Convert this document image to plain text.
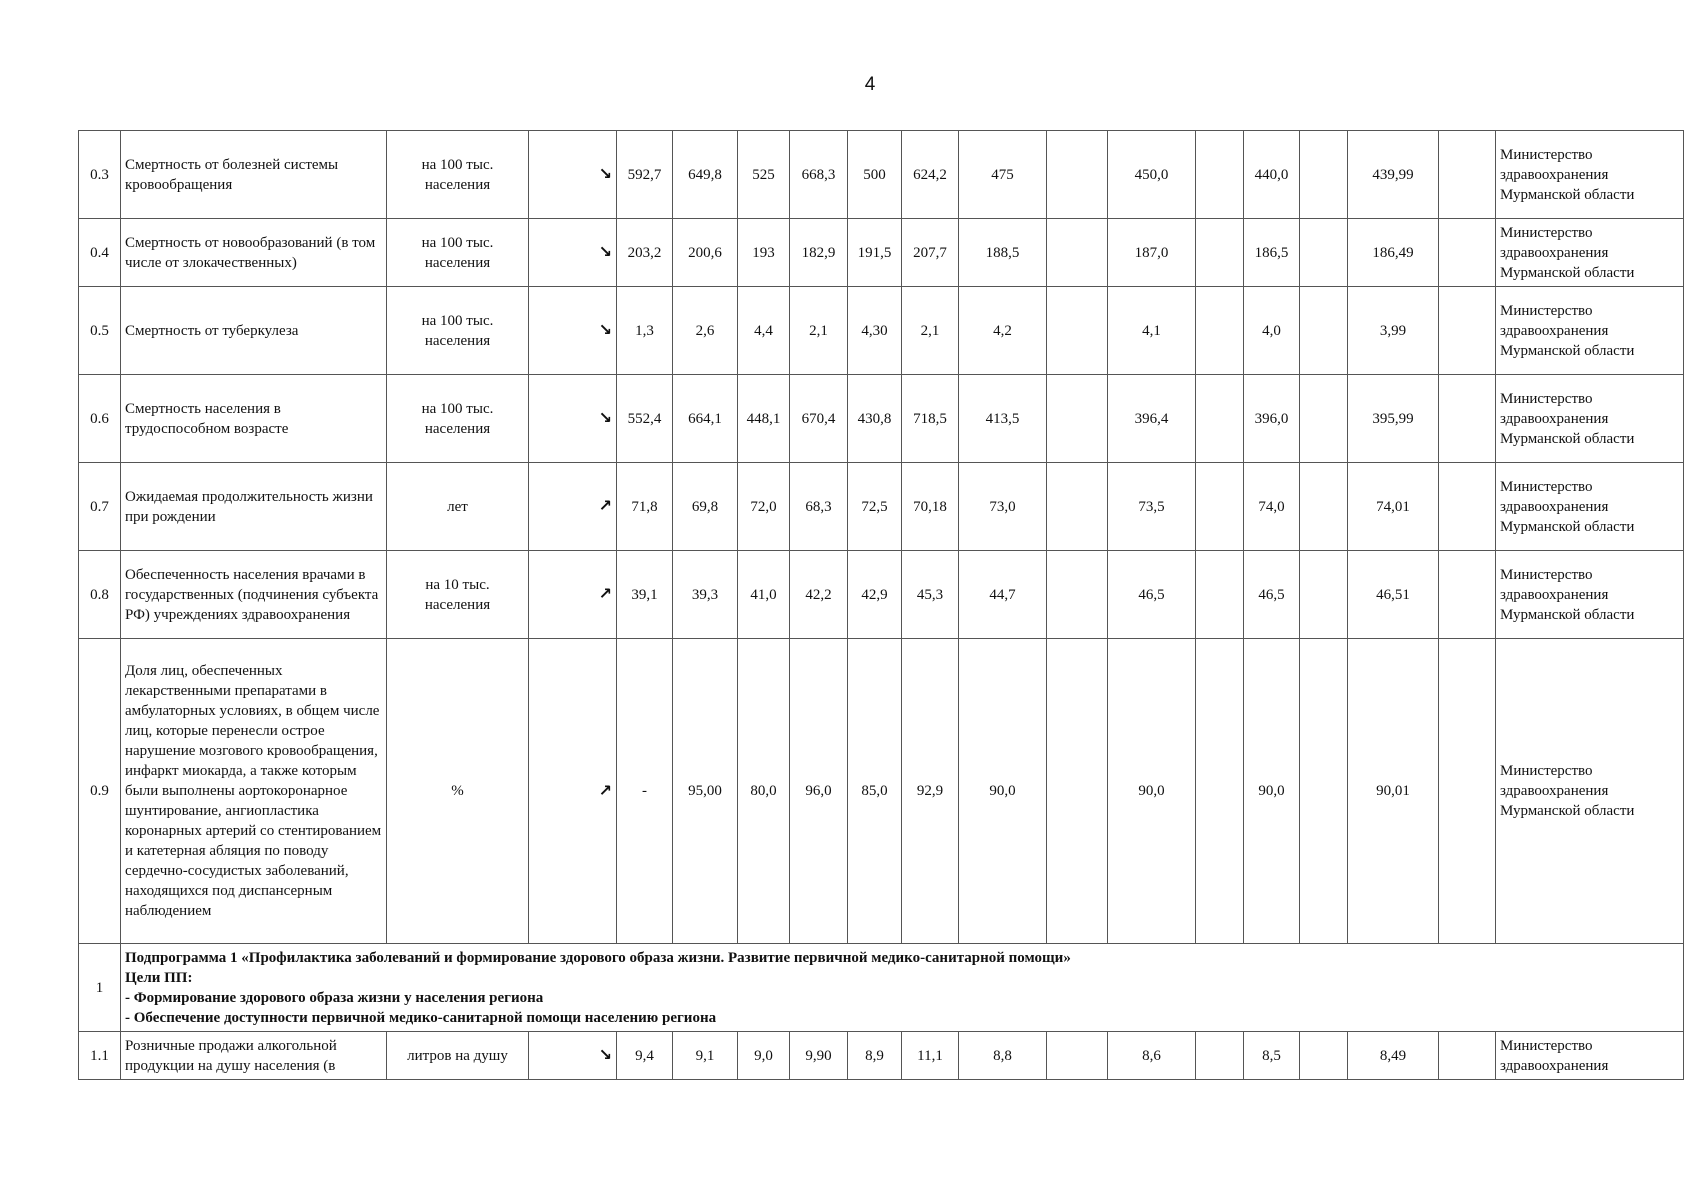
4
0.3	Смертность от болезней системы кровообращения	на 100 тыс. населения	↘	592,7	649,8	525	668,3	500	624,2	475		450,0		440,0		439,99		Министерство здравоохранения Мурманской области
0.4	Смертность от новообразований (в том числе от злокачественных)	на 100 тыс. населения	↘	203,2	200,6	193	182,9	191,5	207,7	188,5		187,0		186,5		186,49		Министерство здравоохранения Мурманской области
0.5	Смертность от туберкулеза	на 100 тыс. населения	↘	1,3	2,6	4,4	2,1	4,30	2,1	4,2		4,1		4,0		3,99		Министерство здравоохранения Мурманской области
0.6	Смертность населения в трудоспособном возрасте	на 100 тыс. населения	↘	552,4	664,1	448,1	670,4	430,8	718,5	413,5		396,4		396,0		395,99		Министерство здравоохранения Мурманской области
0.7	Ожидаемая продолжительность жизни при рождении	лет	↗	71,8	69,8	72,0	68,3	72,5	70,18	73,0		73,5		74,0		74,01		Министерство здравоохранения Мурманской области
0.8	Обеспеченность населения врачами в государственных (подчинения субъекта РФ) учреждениях здравоохранения	на 10 тыс. населения	↗	39,1	39,3	41,0	42,2	42,9	45,3	44,7		46,5		46,5		46,51		Министерство здравоохранения Мурманской области
0.9	Доля лиц, обеспеченных лекарственными препаратами в амбулаторных условиях, в общем числе лиц, которые перенесли острое нарушение мозгового кровообращения, инфаркт миокарда, а также которым были выполнены аортокоронарное шунтирование, ангиопластика коронарных артерий со стентированием и катетерная абляция по поводу сердечно-сосудистых заболеваний, находящихся под диспансерным наблюдением	%	↗	-	95,00	80,0	96,0	85,0	92,9	90,0		90,0		90,0		90,01		Министерство здравоохранения Мурманской области
1	Подпрограмма 1 «Профилактика заболеваний и формирование здорового образа жизни. Развитие первичной медико-санитарной помощи»
Цели ПП:
- Формирование здорового образа жизни у населения региона
- Обеспечение доступности первичной медико-санитарной помощи населению региона																	

1.1	Розничные продажи алкогольной продукции на душу населения (в	литров на душу	↘	9,4	9,1	9,0	9,90	8,9	11,1	8,8		8,6		8,5		8,49		Министерство здравоохранения
